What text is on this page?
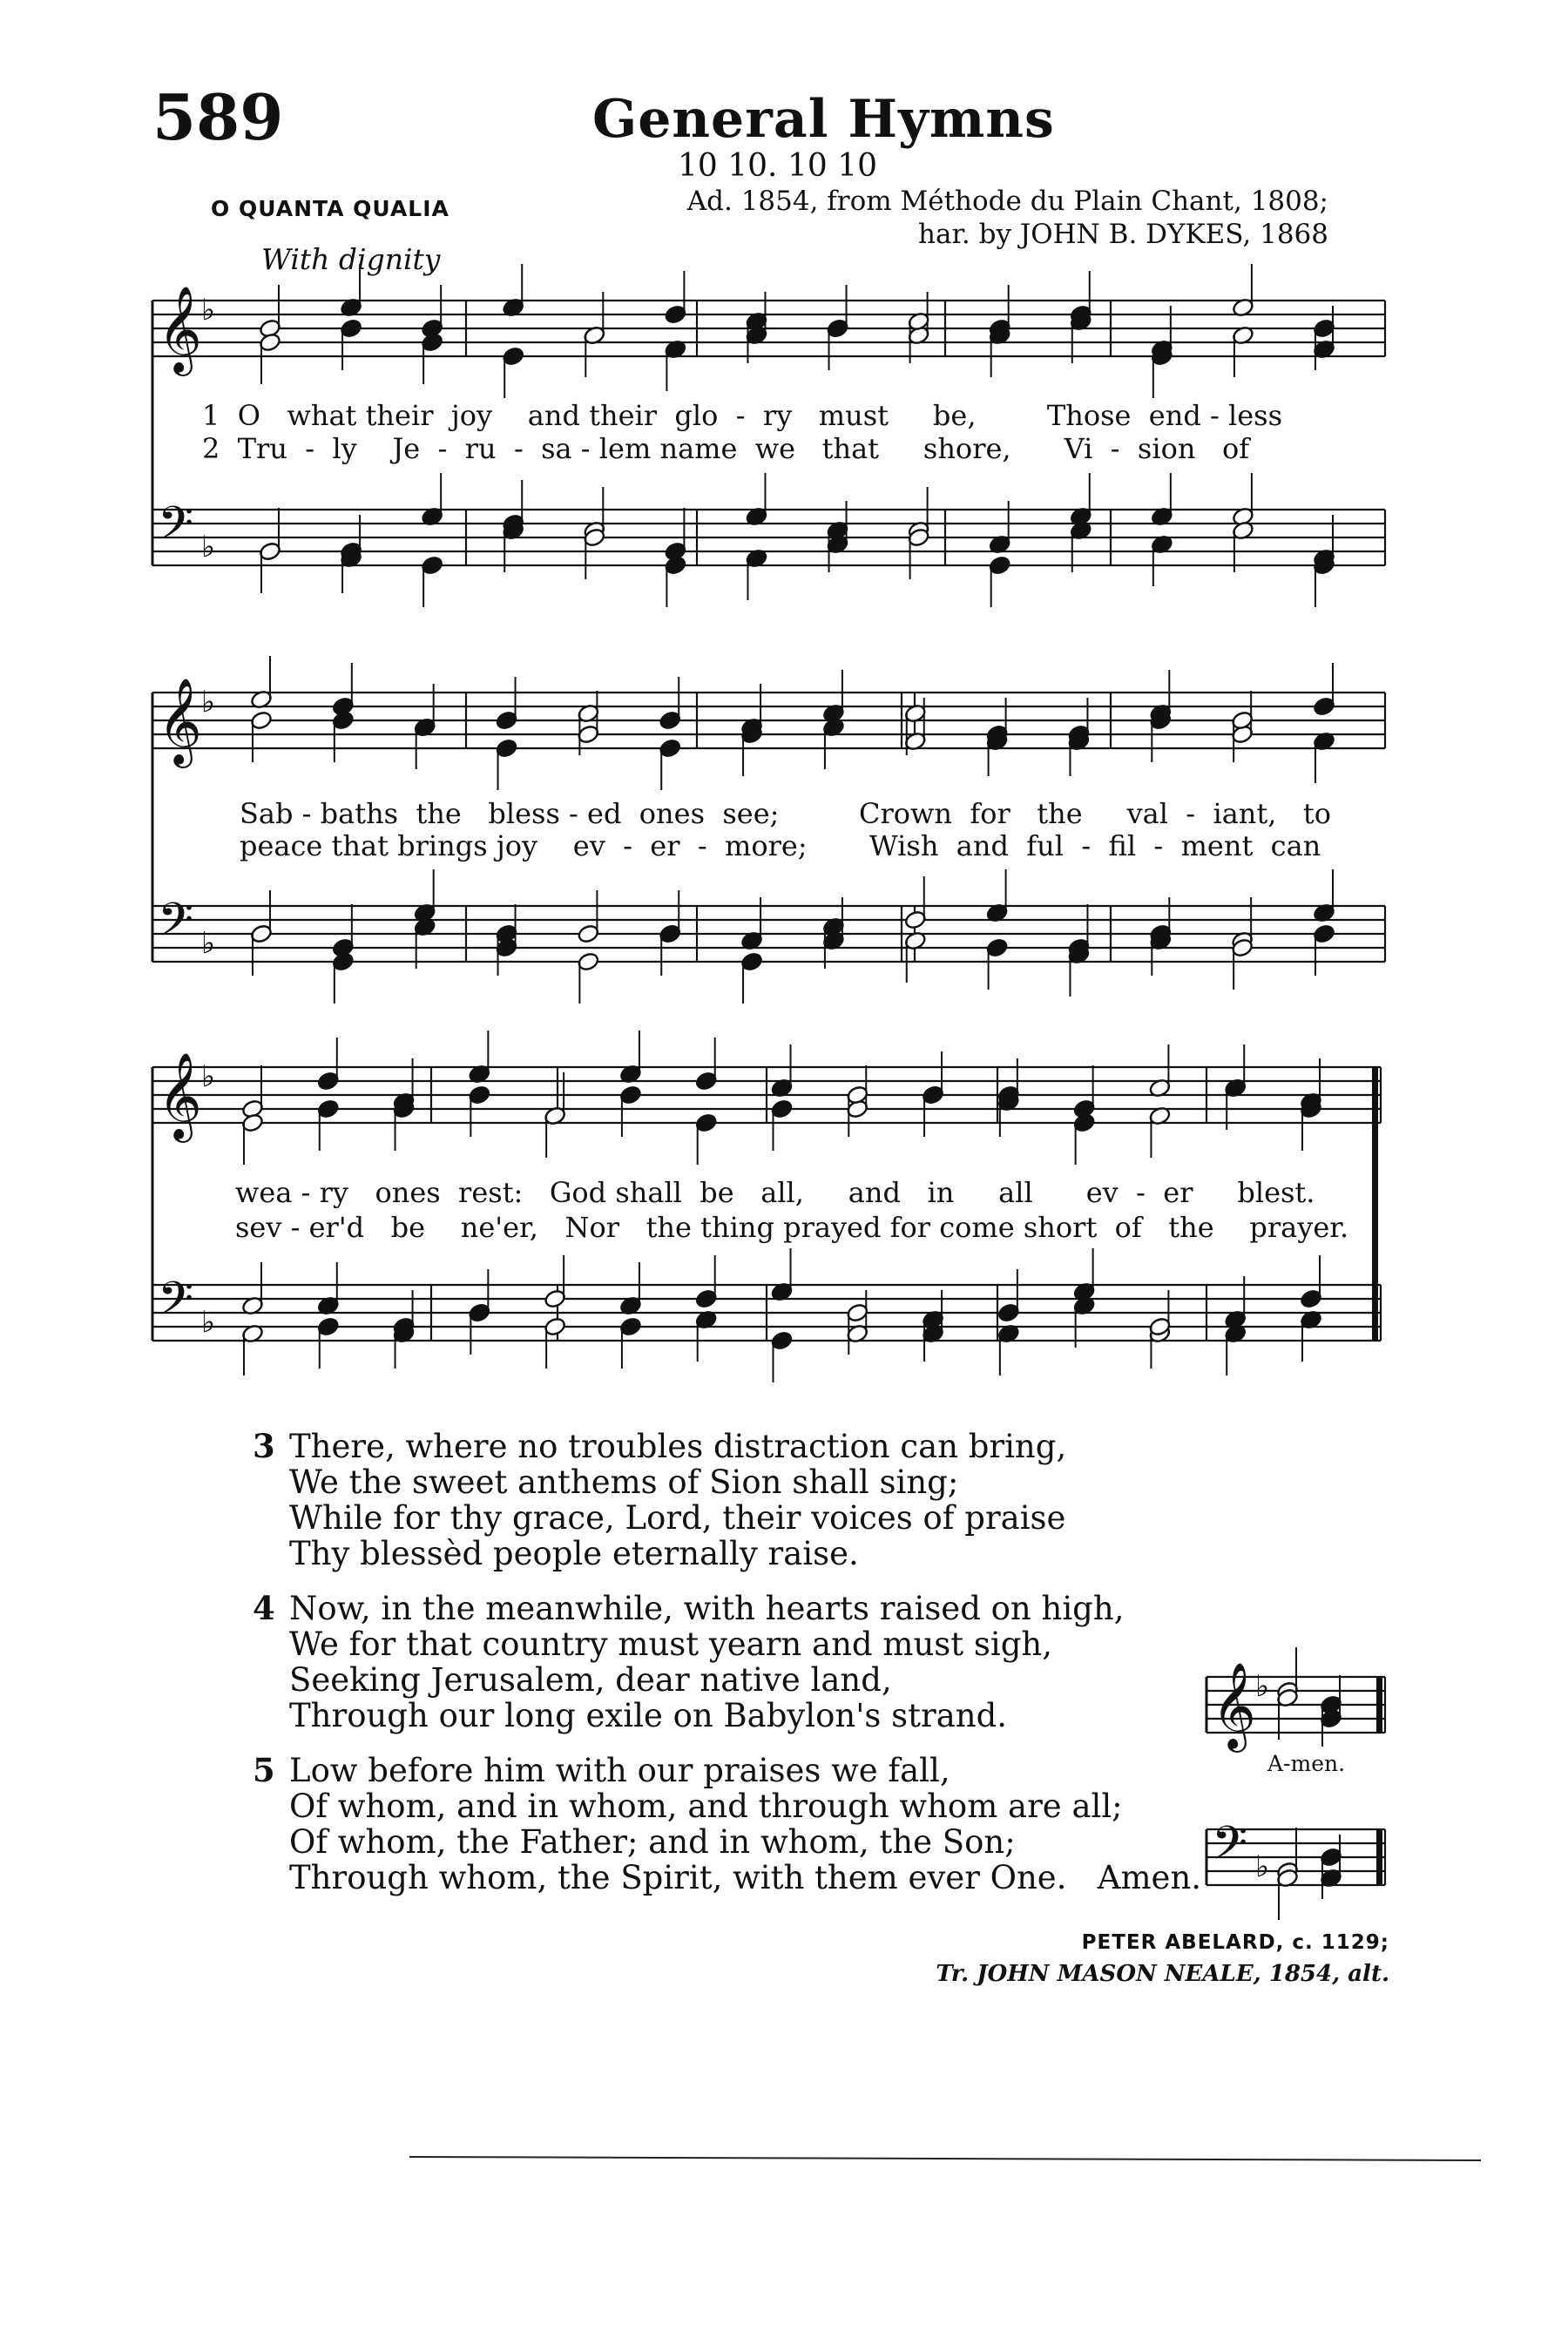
589	General Hymns
10 10. 10 10
O QUANTA QUALIA	Ad. 1854, from Méthode du Plain Chant, 1808;
har. by JOHN B. DYKES, 1868
With dignity
𝄞 ♭
𝄢 ♭
𝄞 ♭
𝄢 ♭
𝄞 ♭
𝄢 ♭
𝄞 ♭
𝄢 ♭
1  O   what their  joy    and their  glo  -  ry   must     be,        Those  end - less
2  Tru  -  ly    Je  -  ru  -  sa - lem name  we   that     shore,      Vi  -  sion   of
Sab - baths  the   bless - ed  ones  see;         Crown  for   the     val  -  iant,   to
peace that brings joy    ev  -  er  -  more;       Wish  and  ful  -  fil  -  ment  can
wea - ry   ones  rest:   God shall  be   all,     and   in     all      ev  -  er     blest.
sev - er'd   be    ne'er,   Nor   the thing prayed for come short  of   the    prayer.
3 There, where no troubles distraction can bring,
We the sweet anthems of Sion shall sing;
While for thy grace, Lord, their voices of praise
Thy blessèd people eternally raise.
4 Now, in the meanwhile, with hearts raised on high,
We for that country must yearn and must sigh,
Seeking Jerusalem, dear native land,
Through our long exile on Babylon's strand.
5 Low before him with our praises we fall,
Of whom, and in whom, and through whom are all;
Of whom, the Father; and in whom, the Son;
Through whom, the Spirit, with them ever One.   Amen.
A-men.
PETER ABELARD, c. 1129;
Tr. JOHN MASON NEALE, 1854, alt.
